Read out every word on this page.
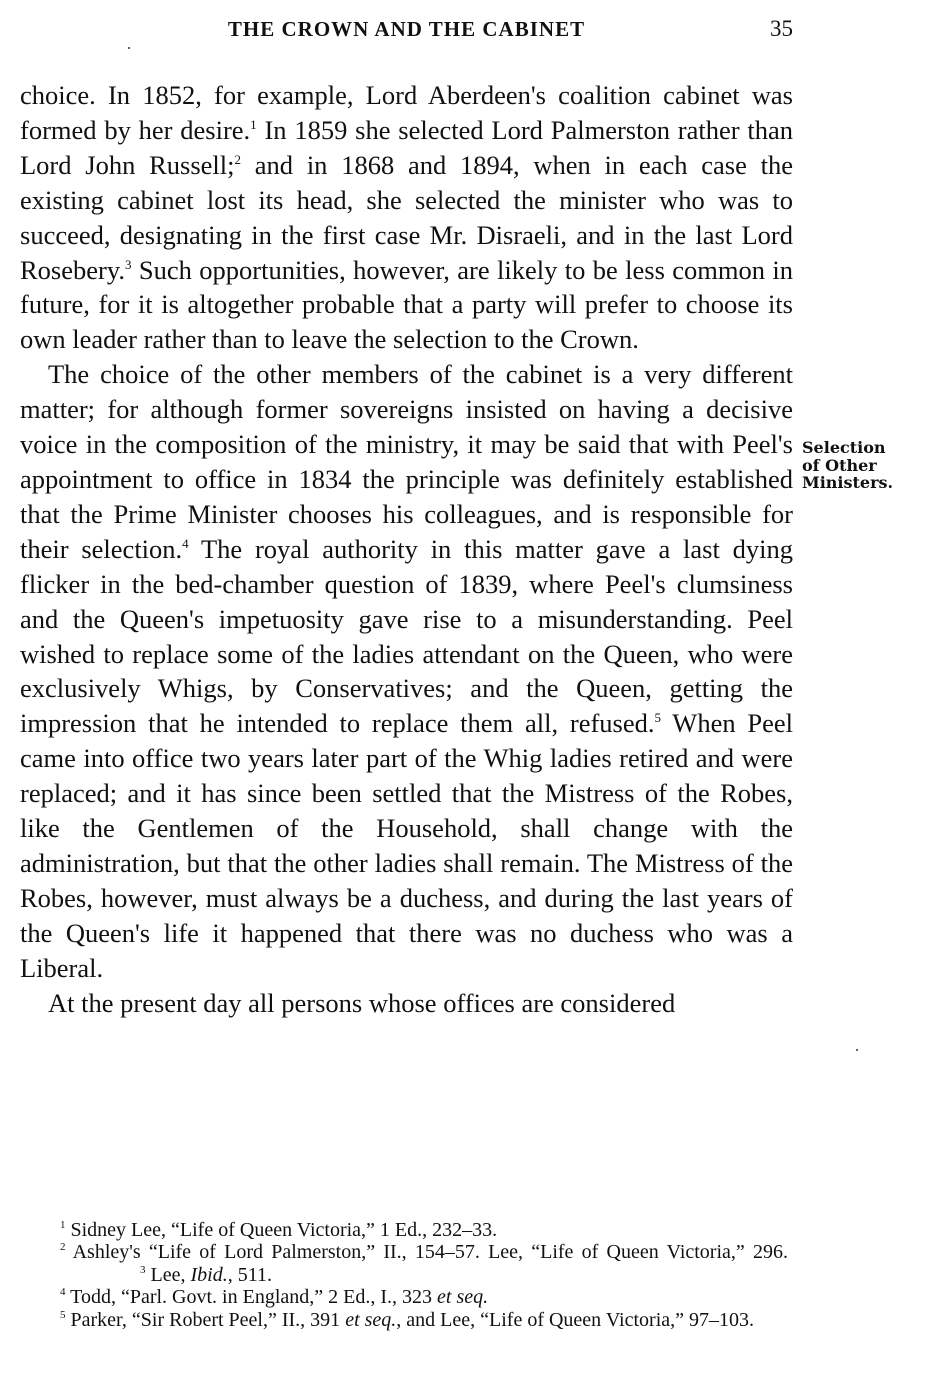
THE CROWN AND THE CABINET	35

choice. In 1852, for example, Lord Aberdeen's coalition cabinet was formed by her desire.$^1$ In 1859 she selected Lord Palmerston rather than Lord John Russell;$^2$ and in 1868 and 1894, when in each case the existing cabinet lost its head, she selected the minister who was to succeed, designating in the first case Mr. Disraeli, and in the last Lord Rosebery.$^3$ Such opportunities, however, are likely to be less common in future, for it is altogether probable that a party will prefer to choose its own leader rather than to leave the selection to the Crown.

The choice of the other members of the cabinet is a very different matter; for although former sovereigns insisted on having a decisive voice in the composition of the ministry, it may be said that with Peel's appointment to office in 1834 the principle was definitely established that the Prime Minister chooses his colleagues, and is responsible for their selection.$^4$ The royal authority in this matter gave a last dying flicker in the bed-chamber question of 1839, where Peel's clumsiness and the Queen's impetuosity gave rise to a misunderstanding. Peel wished to replace some of the ladies attendant on the Queen, who were exclusively Whigs, by Conservatives; and the Queen, getting the impression that he intended to replace them all, refused.$^5$ When Peel came into office two years later part of the Whig ladies retired and were replaced; and it has since been settled that the Mistress of the Robes, like the Gentlemen of the Household, shall change with the administration, but that the other ladies shall remain. The Mistress of the Robes, however, must always be a duchess, and during the last years of the Queen's life it happened that there was no duchess who was a Liberal.

At the present day all persons whose offices are considered

Selection
of Other
Ministers.

$^1$ Sidney Lee, “Life of Queen Victoria,” 1 Ed., 232–33.

$^2$ Ashley's “Life of Lord Palmerston,” II., 154–57. Lee, “Life of Queen Victoria,” 296.$^3$ Lee, Ibid., 511.

$^4$ Todd, “Parl. Govt. in England,” 2 Ed., I., 323 et seq.

$^5$ Parker, “Sir Robert Peel,” II., 391 et seq., and Lee, “Life of Queen Victoria,” 97–103.
